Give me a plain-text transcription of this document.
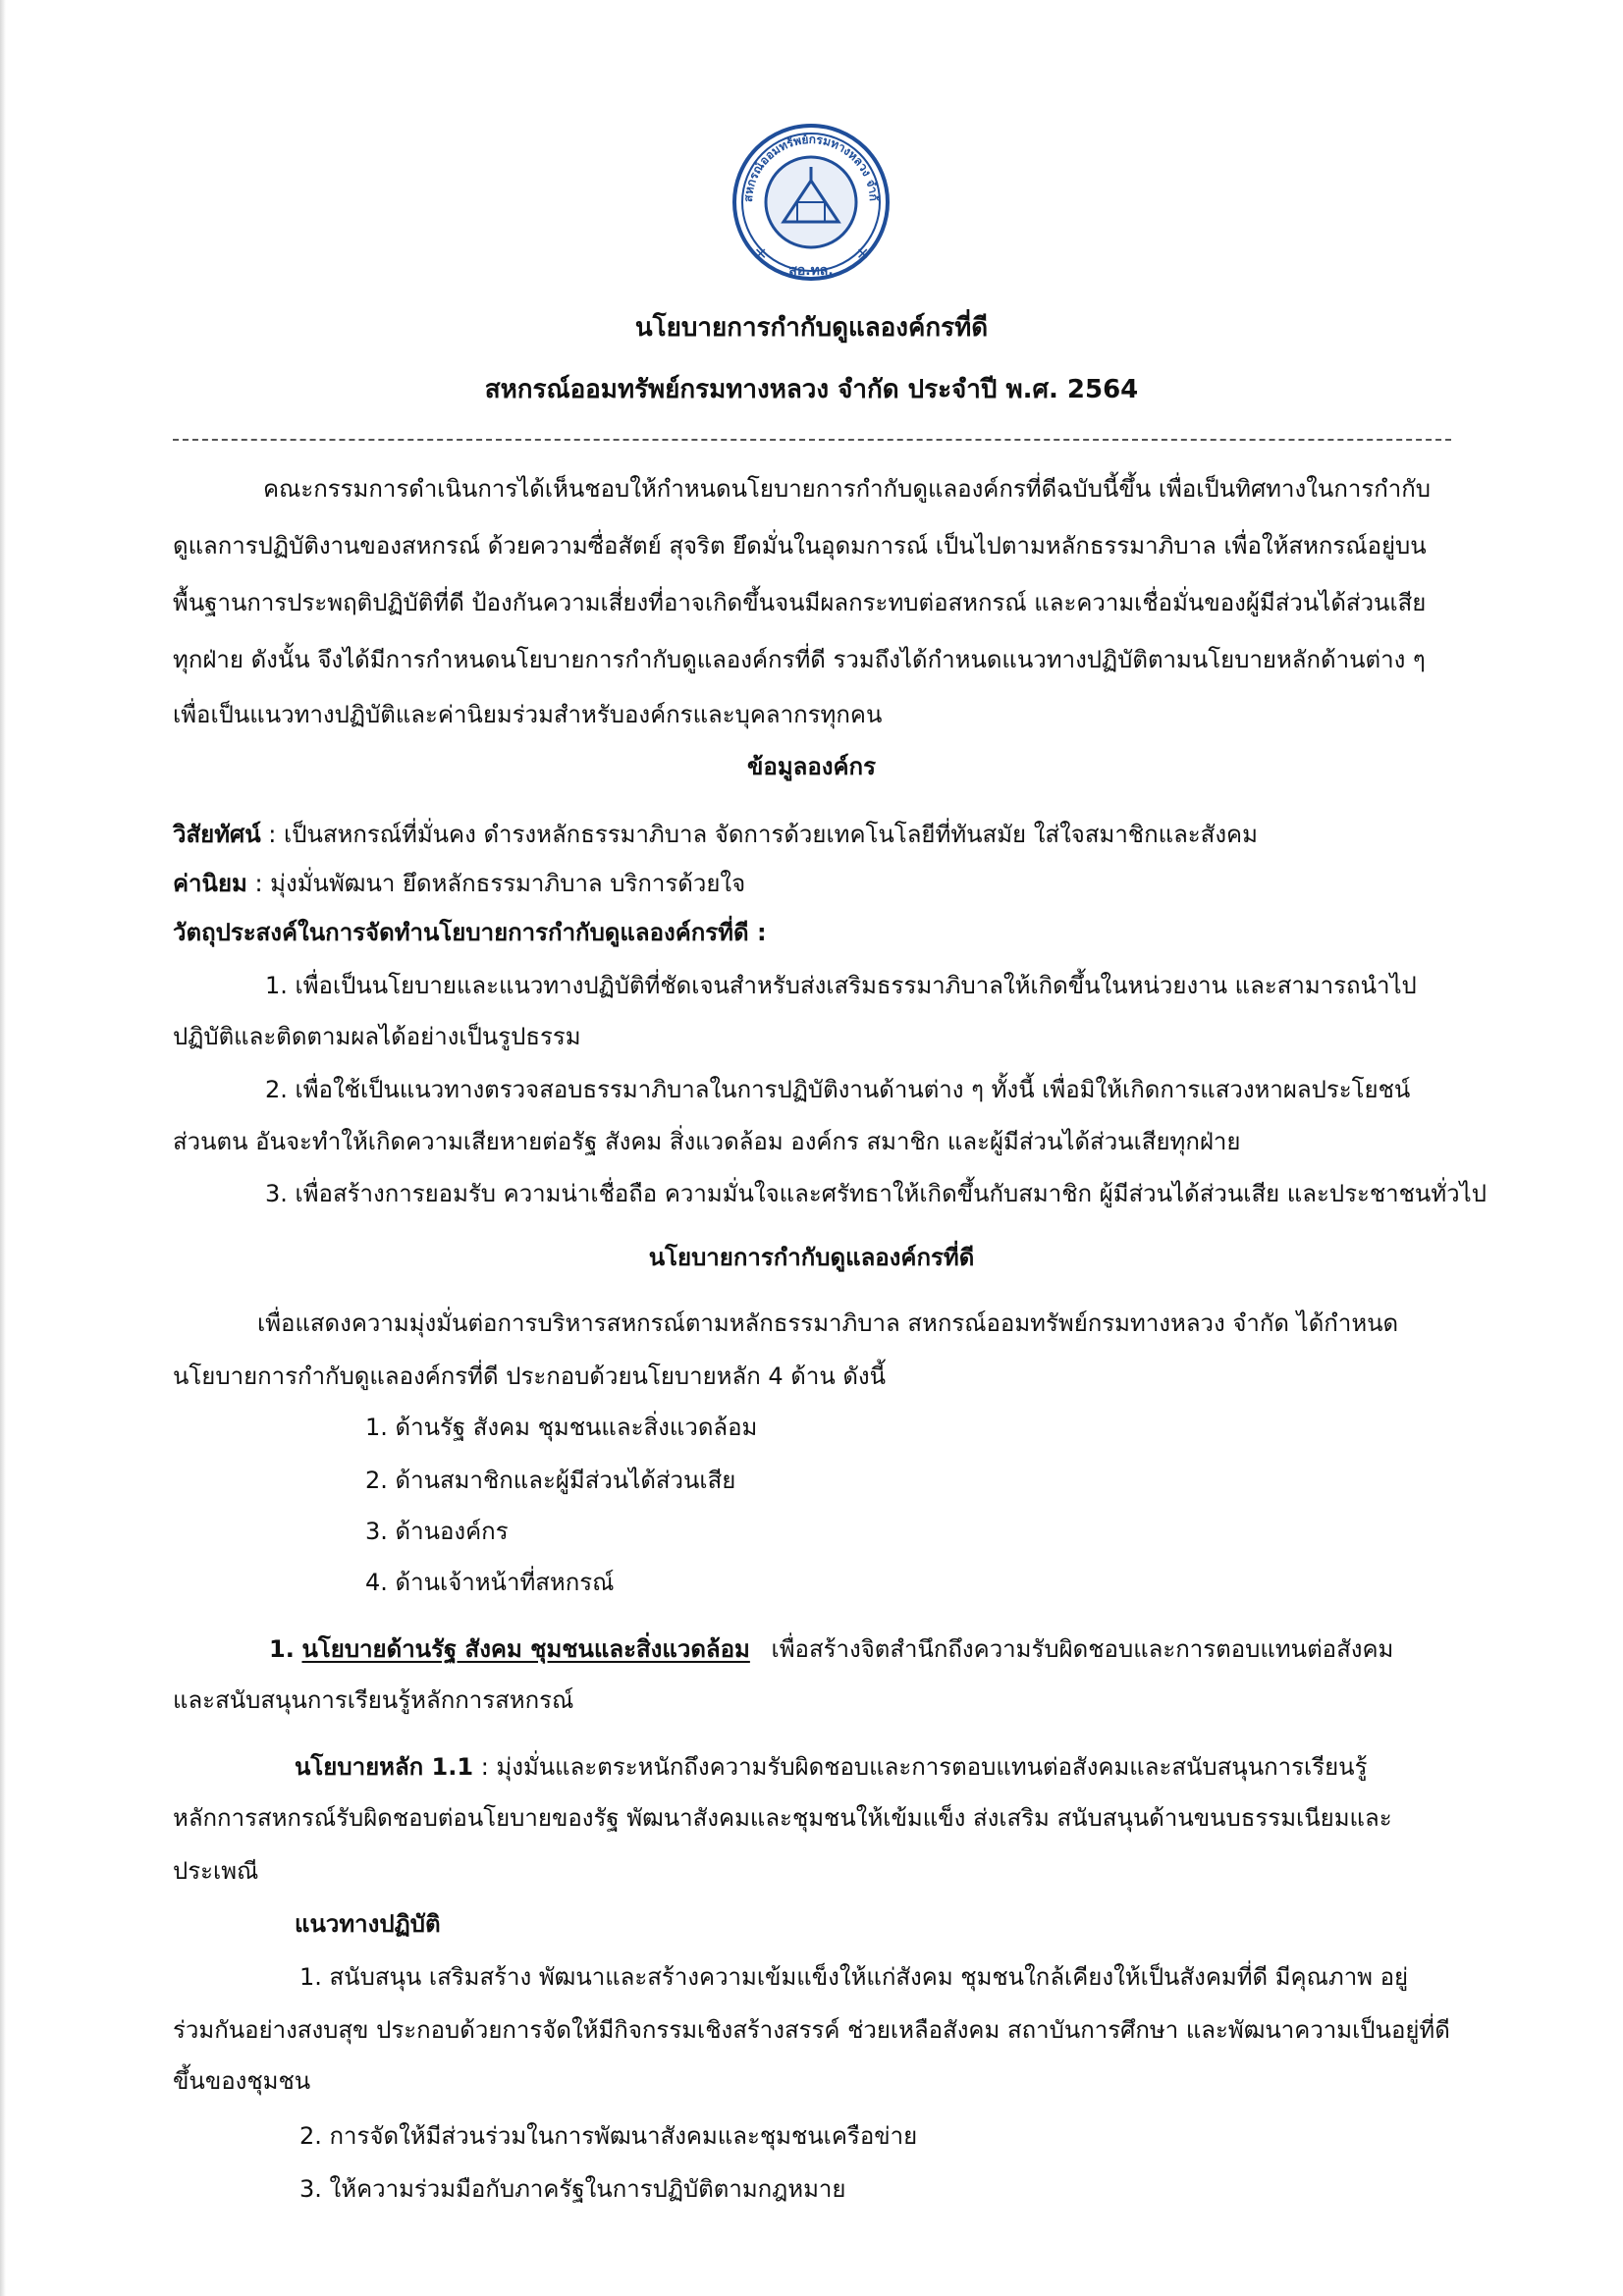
สหกรณ์ออมทรัพย์กรมทางหลวง จำกั
✕	✕
สอ.ทล.
นโยบายการกำกับดูแลองค์กรที่ดี
สหกรณ์ออมทรัพย์กรมทางหลวง จำกัด ประจำปี พ.ศ. 2564
คณะกรรมการดำเนินการได้เห็นชอบให้กำหนดนโยบายการกำกับดูแลองค์กรที่ดีฉบับนี้ขึ้น เพื่อเป็นทิศทางในการกำกับ
ดูแลการปฏิบัติงานของสหกรณ์ ด้วยความซื่อสัตย์ สุจริต ยึดมั่นในอุดมการณ์ เป็นไปตามหลักธรรมาภิบาล เพื่อให้สหกรณ์อยู่บน
พื้นฐานการประพฤติปฏิบัติที่ดี ป้องกันความเสี่ยงที่อาจเกิดขึ้นจนมีผลกระทบต่อสหกรณ์ และความเชื่อมั่นของผู้มีส่วนได้ส่วนเสีย
ทุกฝ่าย ดังนั้น จึงได้มีการกำหนดนโยบายการกำกับดูแลองค์กรที่ดี รวมถึงได้กำหนดแนวทางปฏิบัติตามนโยบายหลักด้านต่าง ๆ
เพื่อเป็นแนวทางปฏิบัติและค่านิยมร่วมสำหรับองค์กรและบุคลากรทุกคน
ข้อมูลองค์กร
วิสัยทัศน์ : เป็นสหกรณ์ที่มั่นคง ดำรงหลักธรรมาภิบาล จัดการด้วยเทคโนโลยีที่ทันสมัย ใส่ใจสมาชิกและสังคม
ค่านิยม : มุ่งมั่นพัฒนา ยึดหลักธรรมาภิบาล บริการด้วยใจ
วัตถุประสงค์ในการจัดทำนโยบายการกำกับดูแลองค์กรที่ดี :
1. เพื่อเป็นนโยบายและแนวทางปฏิบัติที่ชัดเจนสำหรับส่งเสริมธรรมาภิบาลให้เกิดขึ้นในหน่วยงาน และสามารถนำไป
ปฏิบัติและติดตามผลได้อย่างเป็นรูปธรรม
2. เพื่อใช้เป็นแนวทางตรวจสอบธรรมาภิบาลในการปฏิบัติงานด้านต่าง ๆ ทั้งนี้ เพื่อมิให้เกิดการแสวงหาผลประโยชน์
ส่วนตน อันจะทำให้เกิดความเสียหายต่อรัฐ สังคม สิ่งแวดล้อม องค์กร สมาชิก และผู้มีส่วนได้ส่วนเสียทุกฝ่าย
3. เพื่อสร้างการยอมรับ ความน่าเชื่อถือ ความมั่นใจและศรัทธาให้เกิดขึ้นกับสมาชิก ผู้มีส่วนได้ส่วนเสีย และประชาชนทั่วไป
นโยบายการกำกับดูแลองค์กรที่ดี
เพื่อแสดงความมุ่งมั่นต่อการบริหารสหกรณ์ตามหลักธรรมาภิบาล สหกรณ์ออมทรัพย์กรมทางหลวง จำกัด ได้กำหนด
นโยบายการกำกับดูแลองค์กรที่ดี ประกอบด้วยนโยบายหลัก 4 ด้าน ดังนี้
1. ด้านรัฐ สังคม ชุมชนและสิ่งแวดล้อม
2. ด้านสมาชิกและผู้มีส่วนได้ส่วนเสีย
3. ด้านองค์กร
4. ด้านเจ้าหน้าที่สหกรณ์
1. นโยบายด้านรัฐ สังคม ชุมชนและสิ่งแวดล้อม เพื่อสร้างจิตสำนึกถึงความรับผิดชอบและการตอบแทนต่อสังคม
และสนับสนุนการเรียนรู้หลักการสหกรณ์
นโยบายหลัก 1.1 : มุ่งมั่นและตระหนักถึงความรับผิดชอบและการตอบแทนต่อสังคมและสนับสนุนการเรียนรู้
หลักการสหกรณ์รับผิดชอบต่อนโยบายของรัฐ พัฒนาสังคมและชุมชนให้เข้มแข็ง ส่งเสริม สนับสนุนด้านขนบธรรมเนียมและ
ประเพณี
แนวทางปฏิบัติ
1. สนับสนุน เสริมสร้าง พัฒนาและสร้างความเข้มแข็งให้แก่สังคม ชุมชนใกล้เคียงให้เป็นสังคมที่ดี มีคุณภาพ อยู่
ร่วมกันอย่างสงบสุข ประกอบด้วยการจัดให้มีกิจกรรมเชิงสร้างสรรค์ ช่วยเหลือสังคม สถาบันการศึกษา และพัฒนาความเป็นอยู่ที่ดี
ขึ้นของชุมชน
2. การจัดให้มีส่วนร่วมในการพัฒนาสังคมและชุมชนเครือข่าย
3. ให้ความร่วมมือกับภาครัฐในการปฏิบัติตามกฎหมาย
